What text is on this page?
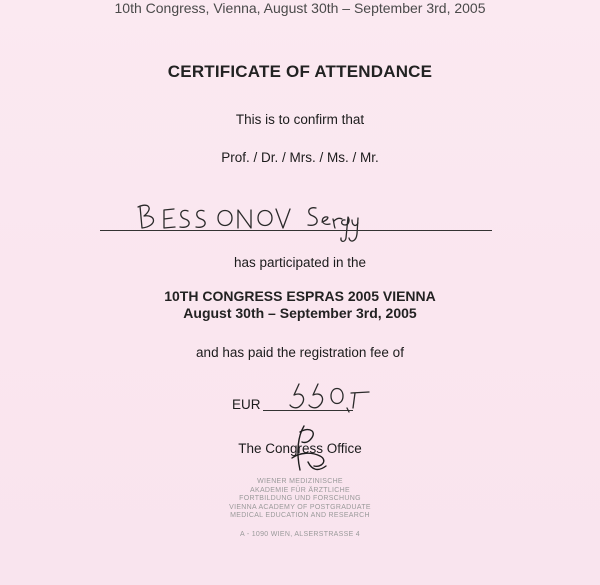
10th Congress, Vienna, August 30th – September 3rd, 2005
CERTIFICATE OF ATTENDANCE
This is to confirm that
Prof. / Dr. / Mrs. / Ms. / Mr.
has participated in the
10TH CONGRESS ESPRAS 2005 VIENNA
August 30th – September 3rd, 2005
and has paid the registration fee of
EUR
The Congress Office
WIENER MEDIZINISCHE
AKADEMIE FÜR ÄRZTLICHE
FORTBILDUNG UND FORSCHUNG
VIENNA ACADEMY OF POSTGRADUATE
MEDICAL EDUCATION AND RESEARCH
A - 1090 WIEN, ALSERSTRASSE 4
